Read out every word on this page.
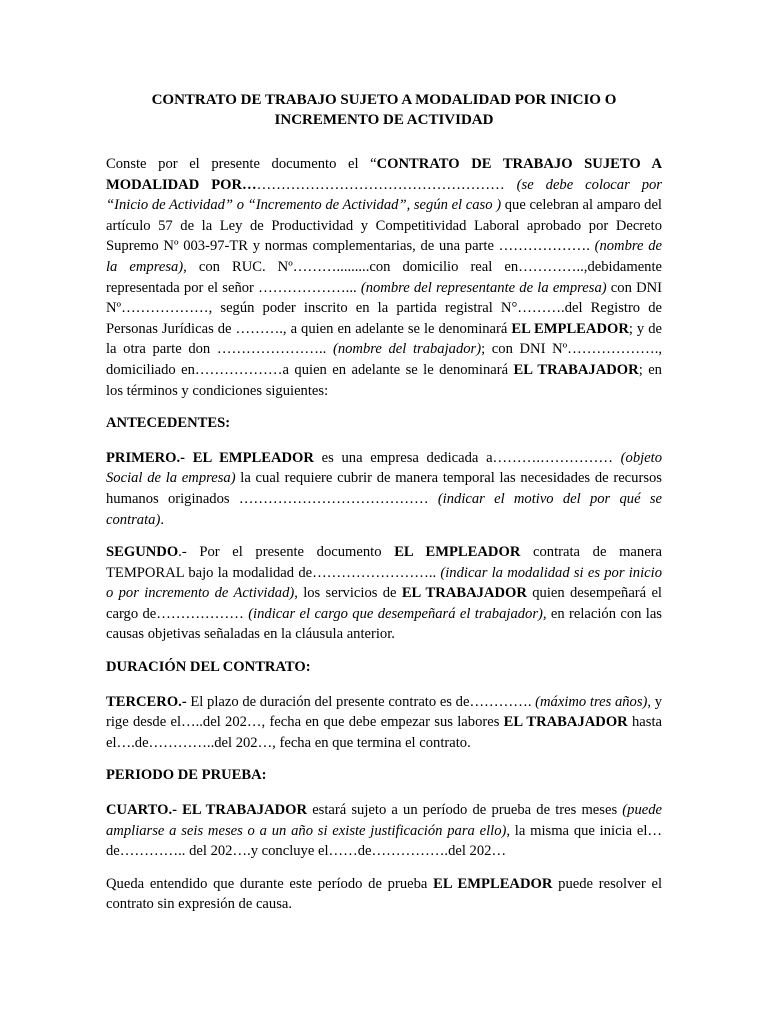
CONTRATO DE TRABAJO SUJETO A MODALIDAD POR INICIO O
INCREMENTO DE ACTIVIDAD

Conste por el presente documento el “CONTRATO DE TRABAJO SUJETO A MODALIDAD POR……………………………………………… (se debe colocar por “Inicio de Actividad” o “Incremento de Actividad”, según el caso ) que celebran al amparo del artículo 57 de la Ley de Productividad y Competitividad Laboral aprobado por Decreto Supremo Nº 003-97-TR y normas complementarias, de una parte ………………. (nombre de la empresa), con RUC. Nº……….........con domicilio real en…………..,debidamente representada por el señor ………………... (nombre del representante de la empresa) con DNI Nº………………, según poder inscrito en la partida registral N°……….del Registro de Personas Jurídicas de ………., a quien en adelante se le denominará EL EMPLEADOR; y de la otra parte don ………………….. (nombre del trabajador); con DNI Nº………………., domiciliado en………………a quien en adelante se le denominará EL TRABAJADOR; en los términos y condiciones siguientes:

ANTECEDENTES:

PRIMERO.- EL EMPLEADOR es una empresa dedicada a……….…………… (objeto Social de la empresa) la cual requiere cubrir de manera temporal las necesidades de recursos humanos originados ………………………………… (indicar el motivo del por qué se contrata).

SEGUNDO.- Por el presente documento EL EMPLEADOR contrata de manera TEMPORAL bajo la modalidad de…………………….. (indicar la modalidad si es por inicio o por incremento de Actividad), los servicios de EL TRABAJADOR quien desempeñará el cargo de……………… (indicar el cargo que desempeñará el trabajador), en relación con las causas objetivas señaladas en la cláusula anterior.

DURACIÓN DEL CONTRATO:

TERCERO.- El plazo de duración del presente contrato es de…………. (máximo tres años), y rige desde el…..del 202…, fecha en que debe empezar sus labores EL TRABAJADOR hasta el….de…………..del 202…, fecha en que termina el contrato.

PERIODO DE PRUEBA:

CUARTO.- EL TRABAJADOR estará sujeto a un período de prueba de tres meses (puede ampliarse a seis meses o a un año si existe justificación para ello), la misma que inicia el…de………….. del 202….y concluye el……de…………….del 202…

Queda entendido que durante este período de prueba EL EMPLEADOR puede resolver el contrato sin expresión de causa.
